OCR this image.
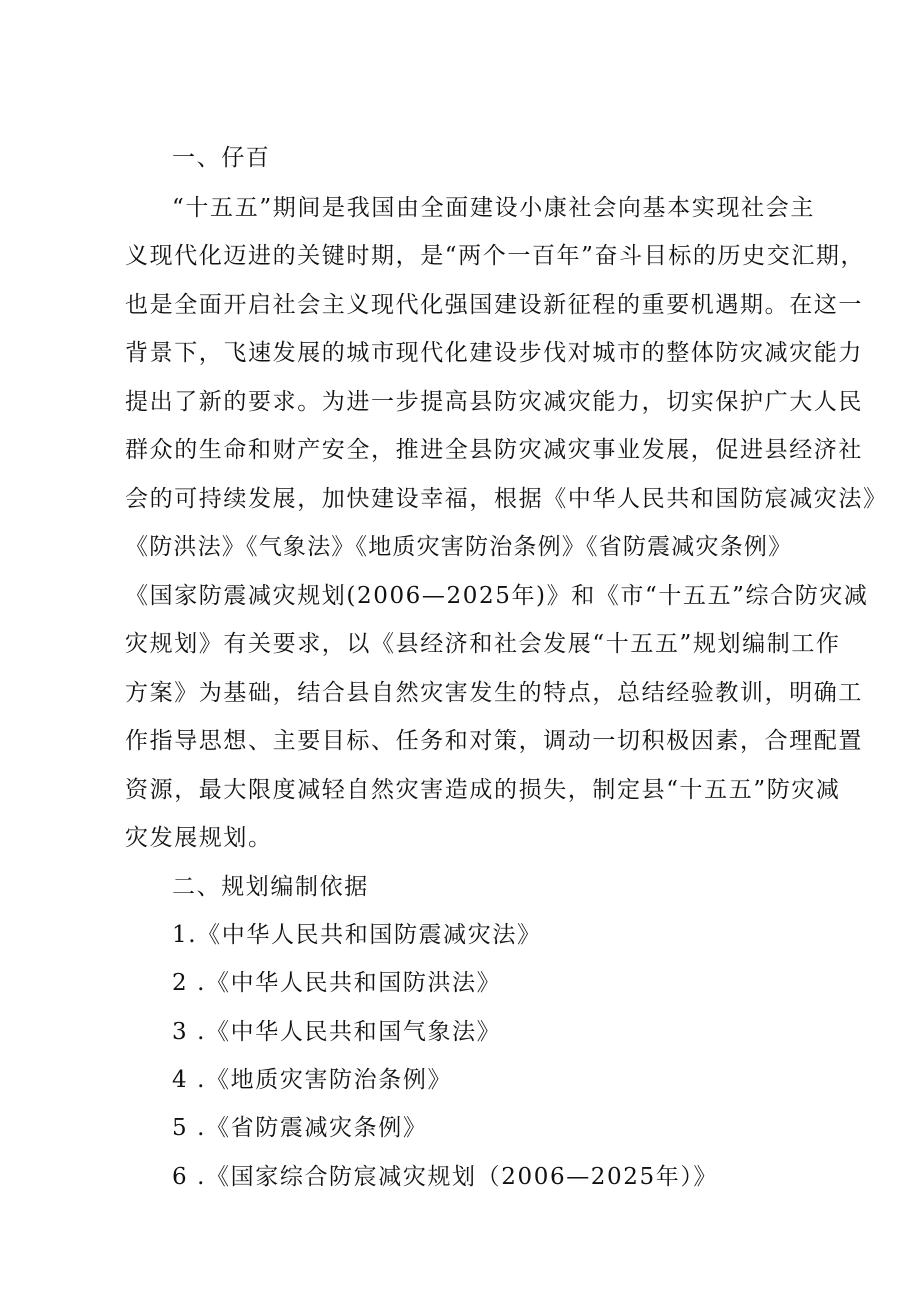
一、仔百
“十五五”期间是我国由全面建设小康社会向基本实现社会主
义现代化迈进的关键时期，是“两个一百年”奋斗目标的历史交汇期，
也是全面开启社会主义现代化强国建设新征程的重要机遇期。在这一
背景下，飞速发展的城市现代化建设步伐对城市的整体防灾减灾能力
提出了新的要求。为进一步提高县防灾减灾能力，切实保护广大人民
群众的生命和财产安全，推进全县防灾减灾事业发展，促进县经济社
会的可持续发展，加快建设幸福，根据《中华人民共和国防宸减灾法》
《防洪法》《气象法》《地质灾害防治条例》《省防震减灾条例》
《国家防震减灾规划(2006—2025年)》和《市“十五五”综合防灾减
灾规划》有关要求，以《县经济和社会发展“十五五”规划编制工作
方案》为基础，结合县自然灾害发生的特点，总结经验教训，明确工
作指导思想、主要目标、任务和对策，调动一切积极因素，合理配置
资源，最大限度减轻自然灾害造成的损失，制定县“十五五”防灾减
灾发展规划。
二、规划编制依据
1.《中华人民共和国防震减灾法》
2 .《中华人民共和国防洪法》
3 .《中华人民共和国气象法》
4 .《地质灾害防治条例》
5 .《省防震减灾条例》
6 .《国家综合防宸减灾规划（2006—2025年）》
